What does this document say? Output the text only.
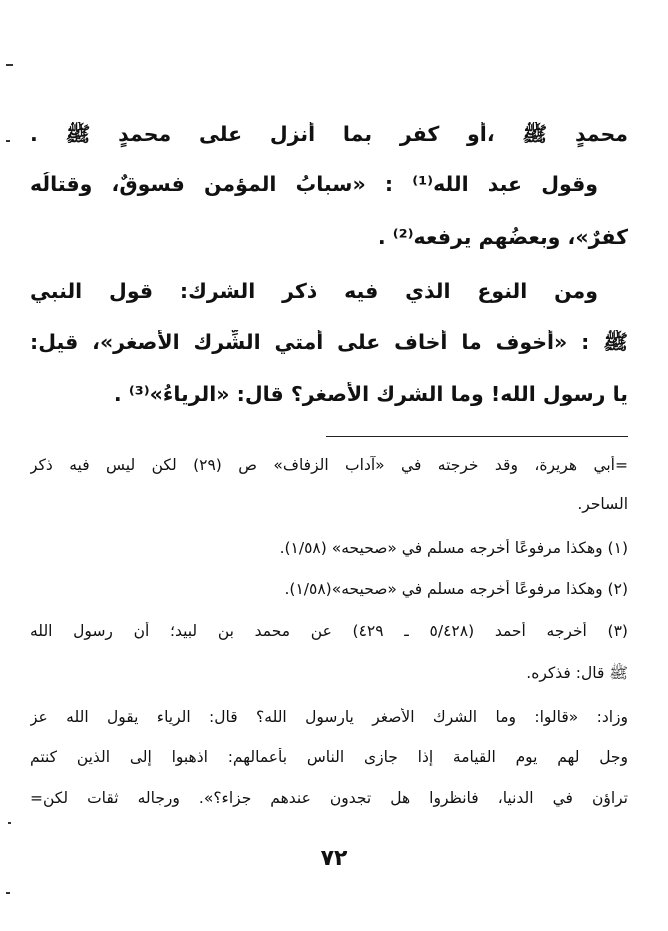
محمدٍ ﷺ ،أو كفر بما أُنزل على محمدٍ ﷺ .
وقول عبد الله⁽¹⁾ : «سبابُ المؤمن فسوقٌ، وقتالُه
كفرٌ»، وبعضُهم يرفعه⁽²⁾ .
ومن النوع الذي فيه ذكر الشرك: قول النبي
ﷺ : «أخوف ما أخاف على أمتي الشِّرك الأصغر»، قيل:
يا رسول الله! وما الشرك الأصغر؟ قال: «الرياءُ»⁽³⁾ .
=أبي هريرة، وقد خرجته في «آداب الزفاف» ص (٢٩) لكن ليس فيه ذكر
الساحر.
(١) وهكذا مرفوعًا أخرجه مسلم في «صحيحه» (١/٥٨).
(٢) وهكذا مرفوعًا أخرجه مسلم في «صحيحه»(١/٥٨).
(٣) أخرجه أحمد (٥/٤٢٨ ـ ٤٢٩) عن محمد بن لبيد؛ أن رسول الله
ﷺ قال: فذكره.
وزاد: «قالوا: وما الشرك الأصغر يارسول الله؟ قال: الرياء يقول الله عز
وجل لهم يوم القيامة إذا جازى الناس بأعمالهم: اذهبوا إلى الذين كنتم
تراؤن في الدنيا، فانظروا هل تجدون عندهم جزاء؟». ورجاله ثقات لكن=
٧٢
